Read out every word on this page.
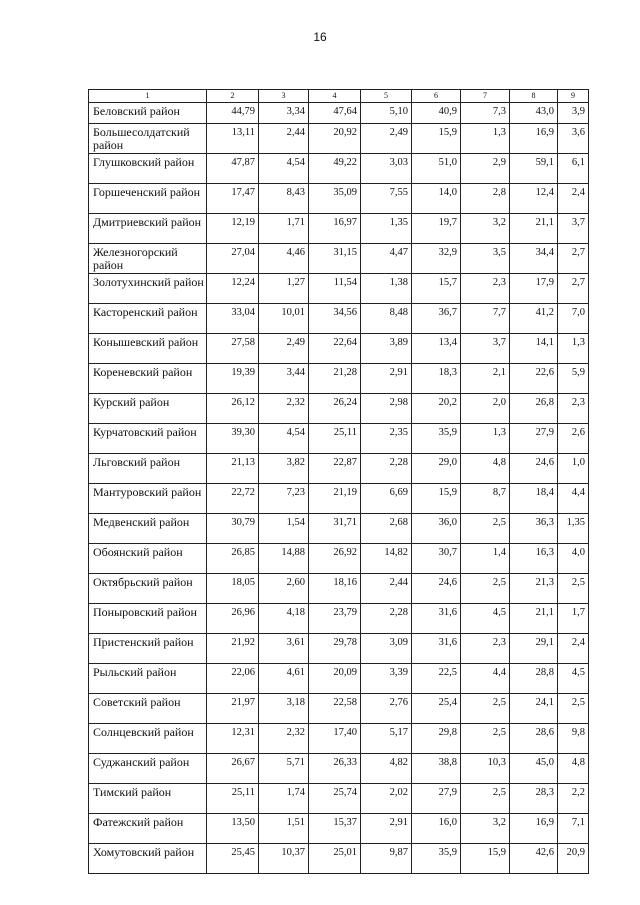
16
1	2	3	4	5	6	7	8	9
Беловский район	44,79	3,34	47,64	5,10	40,9	7,3	43,0	3,9
Большесолдатский район	13,11	2,44	20,92	2,49	15,9	1,3	16,9	3,6
Глушковский район	47,87	4,54	49,22	3,03	51,0	2,9	59,1	6,1
Горшеченский район	17,47	8,43	35,09	7,55	14,0	2,8	12,4	2,4
Дмитриевский район	12,19	1,71	16,97	1,35	19,7	3,2	21,1	3,7
Железногорский район	27,04	4,46	31,15	4,47	32,9	3,5	34,4	2,7
Золотухинский район	12,24	1,27	11,54	1,38	15,7	2,3	17,9	2,7
Касторенский район	33,04	10,01	34,56	8,48	36,7	7,7	41,2	7,0
Конышевский район	27,58	2,49	22,64	3,89	13,4	3,7	14,1	1,3
Кореневский район	19,39	3,44	21,28	2,91	18,3	2,1	22,6	5,9
Курский район	26,12	2,32	26,24	2,98	20,2	2,0	26,8	2,3
Курчатовский район	39,30	4,54	25,11	2,35	35,9	1,3	27,9	2,6
Льговский район	21,13	3,82	22,87	2,28	29,0	4,8	24,6	1,0
Мантуровский район	22,72	7,23	21,19	6,69	15,9	8,7	18,4	4,4
Медвенский район	30,79	1,54	31,71	2,68	36,0	2,5	36,3	1,35
Обоянский район	26,85	14,88	26,92	14,82	30,7	1,4	16,3	4,0
Октябрьский район	18,05	2,60	18,16	2,44	24,6	2,5	21,3	2,5
Поныровский район	26,96	4,18	23,79	2,28	31,6	4,5	21,1	1,7
Пристенский район	21,92	3,61	29,78	3,09	31,6	2,3	29,1	2,4
Рыльский район	22,06	4,61	20,09	3,39	22,5	4,4	28,8	4,5
Советский район	21,97	3,18	22,58	2,76	25,4	2,5	24,1	2,5
Солнцевский район	12,31	2,32	17,40	5,17	29,8	2,5	28,6	9,8
Суджанский район	26,67	5,71	26,33	4,82	38,8	10,3	45,0	4,8
Тимский район	25,11	1,74	25,74	2,02	27,9	2,5	28,3	2,2
Фатежский район	13,50	1,51	15,37	2,91	16,0	3,2	16,9	7,1
Хомутовский район	25,45	10,37	25,01	9,87	35,9	15,9	42,6	20,9
